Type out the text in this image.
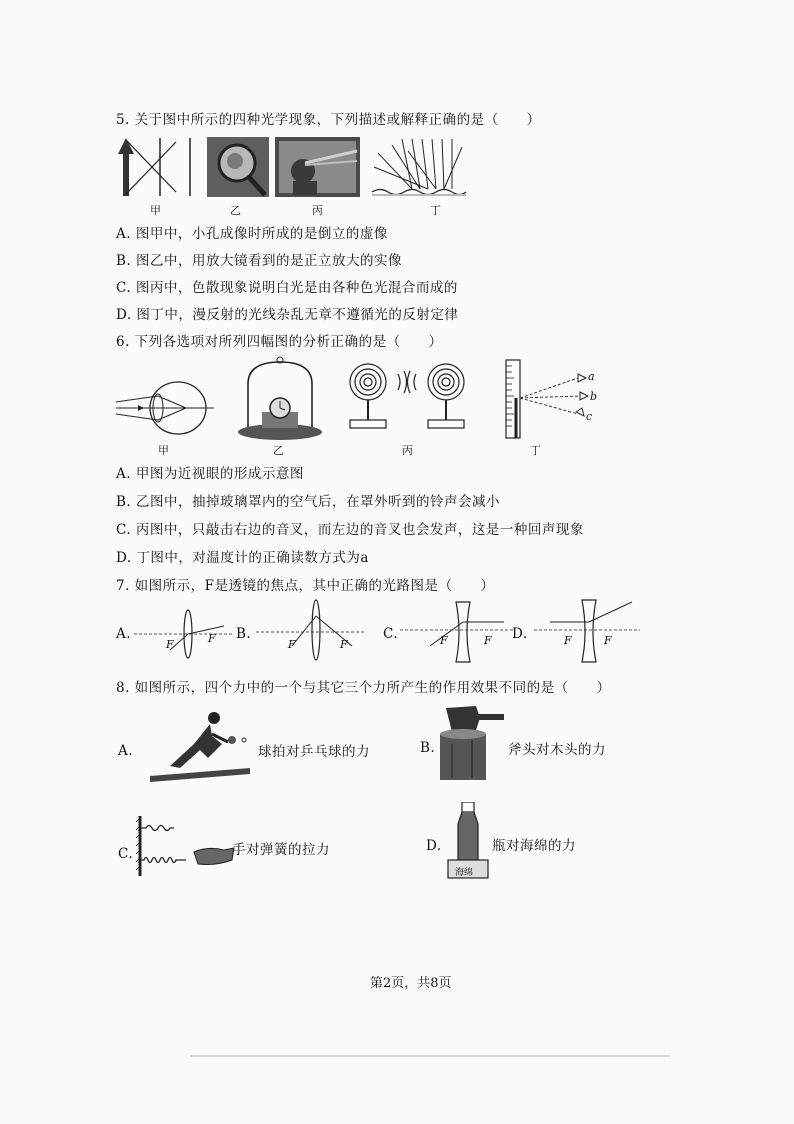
5. 关于图中所示的四种光学现象，下列描述或解释正确的是（　　）
甲	乙	丙	丁
A. 图甲中，小孔成像时所成的是倒立的虚像
B. 图乙中，用放大镜看到的是正立放大的实像
C. 图丙中，色散现象说明白光是由各种色光混合而成的
D. 图丁中，漫反射的光线杂乱无章不遵循光的反射定律
6. 下列各选项对所列四幅图的分析正确的是（　　）
甲	乙	丙
a
b
c
丁
A. 甲图为近视眼的形成示意图
B. 乙图中，抽掉玻璃罩内的空气后，在罩外听到的铃声会减小
C. 丙图中，只敲击右边的音叉，而左边的音叉也会发声，这是一种回声现象
D. 丁图中，对温度计的正确读数方式为a
7. 如图所示，F是透镜的焦点，其中正确的光路图是（　　）
A.
F	F B.
F	F
C.	F	F D.	F	F
8. 如图所示，四个力中的一个与其它三个力所产生的作用效果不同的是（　　）
A.	球拍对乒乓球的力	B.	斧头对木头的力
C.	手对弹簧的拉力	D.
海绵
瓶对海绵的力
第2页，共8页
